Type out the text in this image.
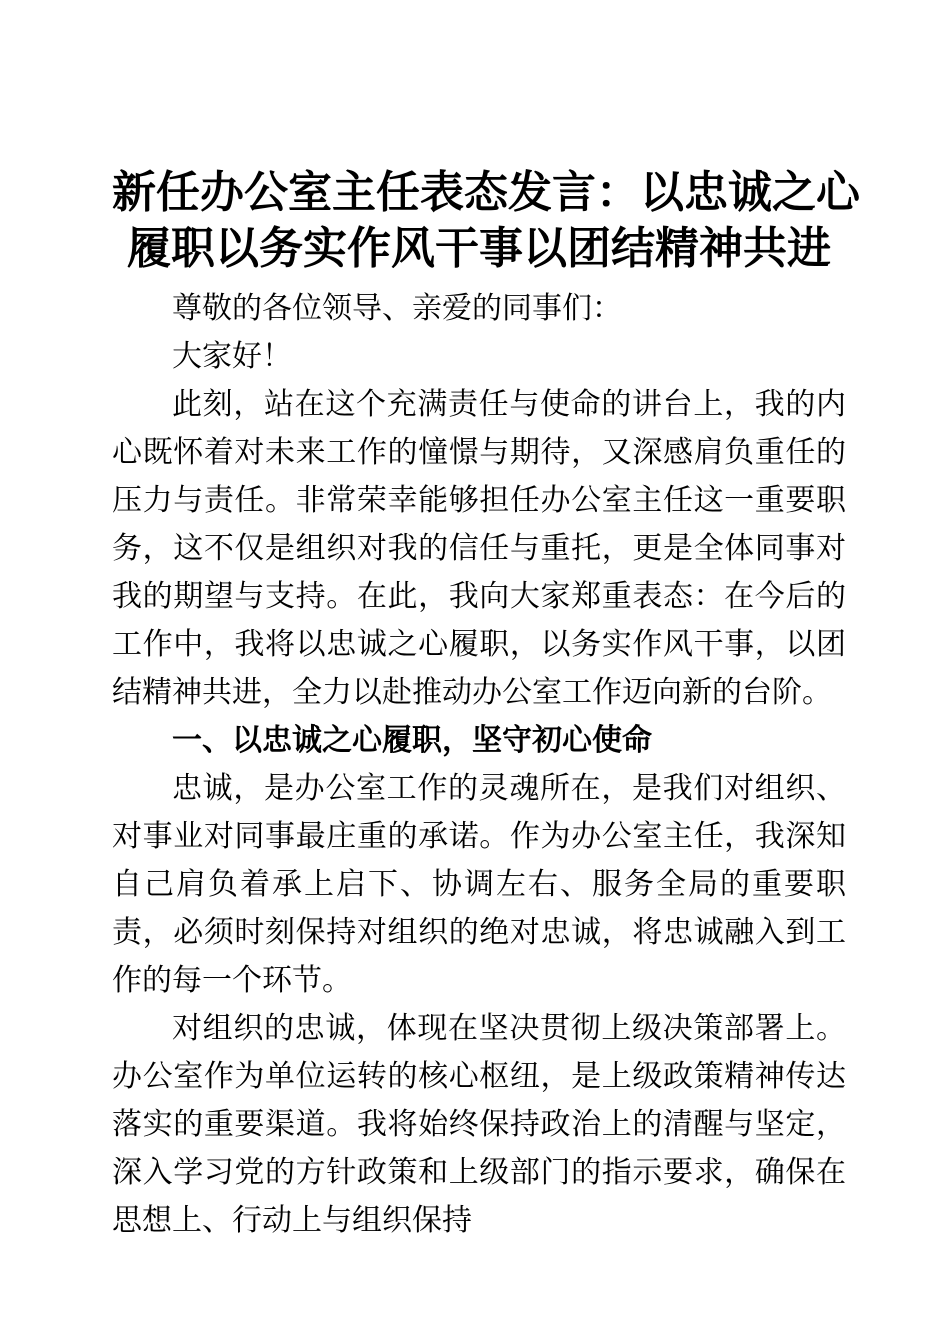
新任办公室主任表态发言：以忠诚之心
履职以务实作风干事以团结精神共进

尊敬的各位领导、亲爱的同事们：

大家好！

此刻，站在这个充满责任与使命的讲台上，我的内心既怀着对未来工作的憧憬与期待，又深感肩负重任的压力与责任。非常荣幸能够担任办公室主任这一重要职务，这不仅是组织对我的信任与重托，更是全体同事对我的期望与支持。在此，我向大家郑重表态：在今后的工作中，我将以忠诚之心履职，以务实作风干事，以团结精神共进，全力以赴推动办公室工作迈向新的台阶。

一、以忠诚之心履职，坚守初心使命

忠诚，是办公室工作的灵魂所在，是我们对组织、对事业对同事最庄重的承诺。作为办公室主任，我深知自己肩负着承上启下、协调左右、服务全局的重要职责，必须时刻保持对组织的绝对忠诚，将忠诚融入到工作的每一个环节。

对组织的忠诚，体现在坚决贯彻上级决策部署上。办公室作为单位运转的核心枢纽，是上级政策精神传达落实的重要渠道。我将始终保持政治上的清醒与坚定，深入学习党的方针政策和上级部门的指示要求，确保在思想上、行动上与组织保持
